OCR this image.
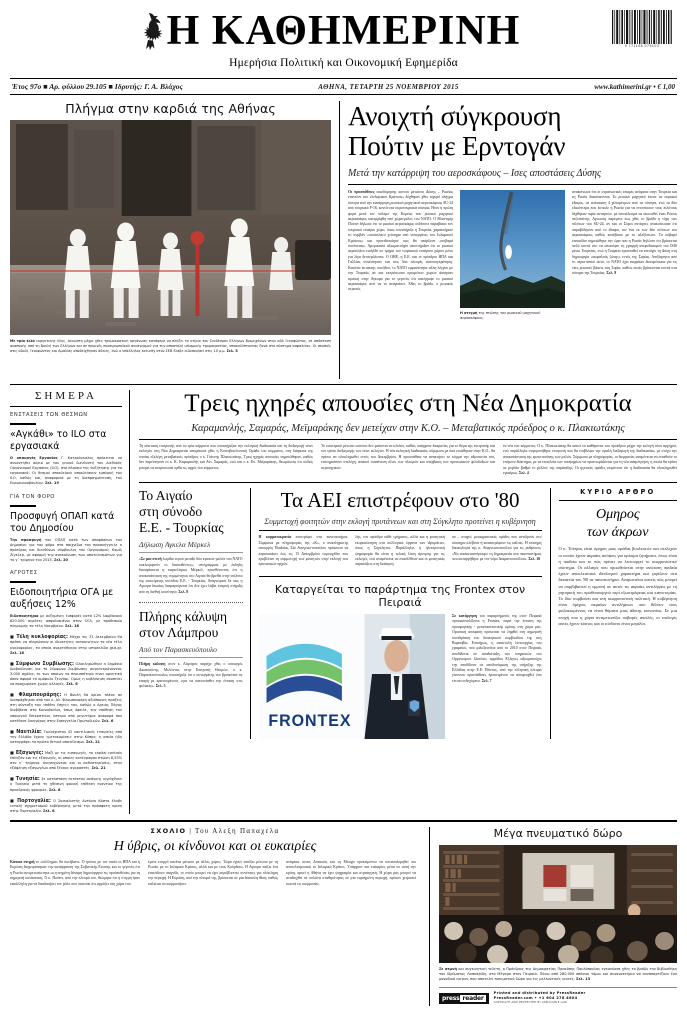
Η ΚΑΘΗΜΕΡΙΝΗ
Ημερήσια Πολιτική και Οικονομική Εφημερίδα
9 771108 979103
Έτος 97ο ■ Αρ. φύλλου 29.105 ■ Ιδρυτής: Γ. Α. Βλάχος	ΑΘΗΝΑ, ΤΕΤΑΡΤΗ 25 ΝΟΕΜΒΡΙΟΥ 2015	www.kathimerini.gr • € 1,00
Πλήγμα στην καρδιά της Αθήνας
Με τρία κιλά εκρηκτικής ύλης, άγνωστη μέχρι χθες τρομοκρατική οργάνωση κατάφερε να πλήξει το κτίριο του Συνδέσμου Ελλήνων Βιομηχάνων στην οδό Ξενοφώντος, σε απόσταση αναπνοής από τη Βουλή των Ελλήνων και σε πρωινές πανευρωπαϊκού συναγερμού για την αποστολή ισλαμικής τρομοκρατίας, αποκαλύπτοντας ξανά στο σύστημα ασφαλείας. Οι σκοπιές στις οδούς Ξενοφώντος και Αμαλίας αποδείχθηκαν άδειες, ενώ ο υπάλληλος security στον ΣΕΒ έλαβε ειδοποιήσει στις 10 μ.μ. Σελ. 5
Ανοιχτή σύγκρουση
Πούτιν με Ερντογάν
Μετά την κατάρριψη του αεροσκάφους – Ισες αποστάσεις Δύσης
Οι προσπάθειες οικοδόμησης κοινού μετώπου Δύσης – Ρωσίας εναντίον του «Ισλαμικού Κράτους» δέχθηκαν χθες ισχυρό πλήγμα ύστερα από την κατάρριψη ρωσικού μαχητικού αεροσκάφους SU-24 από τουρκικό F-16, κοντά στα συροτουρκικά σύνορα. Ηταν η πρώτη φορά μετά τον πόλεμο της Κορέας που ρωσικό μαχητικό αεροσκάφος κατερρίφθη από χώρα-μέλος του ΝΑΤΟ. Ο Βλαντιμίρ Πούτιν δήλωσε ότι το ρωσικό αεροσκάφος ουδέποτε παραβίασε τον τουρκικό εναέριο χώρο, όπως υποστήριξε η Τουρκία, χαρακτήρισε το συμβάν «πισώπλατο χτύπημα από συνεργάτες του Ισλαμικού Κράτους» και προειδοποίησε πως θα υπάρξουν «σοβαρά συνέπειας». Αμερικανοί αξιωματούχοι υποστήριξαν ότι το ρωσικό αεροπλάνο εισήλθε σε τμήμα του τουρκικού εναέριου χώρου μόνο για λίγα δευτερόλεπτα. Ο ΟΗΕ, η Ε.Ε. και οι πρόεδροι ΗΠΑ και Γαλλίας συνέστησαν και στις δύο πλευρές αυτοσυγκράτηση. Κατόπιν έκτακτης συνόδου, το ΝΑΤΟ εμφανίστηκε αλλη-λέγγυο με την Τουρκία, αν και εκπρόσωποι ορισμένων χωρών άσκησαν κριτική στην Αγκυρα για το γεγονός ότι κατέρριψε το ρωσικό αεροσκάφος αντί να το αναγκάσει. Χθες το βράδυ, ο ρωσικός στρατός
Η στιγμή της πτώσης του ρωσικού μαχητικού αεροσκάφους.
ανακοίνωσε ότι οι στρατιωτικές επαφές ανάμεσα στην Τουρκία και τη Ρωσία διακόπτονται. Το ρωσικό μαχητικό έπεσε σε συριακό έδαφος, σε απόσταση 4 χιλιομέτρων από τα σύνορα, ενώ τα δύο ελικόπτερα που έστειλε η Ρωσία για να εντοπίσουν τους πιλότους δέχθηκαν πυρά ανταρτών, με αποτέλεσμα να σκοτωθεί ένας Ρώσος πεζοναύτης. Αγνωστη παρέμενε έως χθες το βράδυ η τύχη των πιλότων του SU-24, αν και οι Σύροι αντάρτες ανακοίνωσαν ότι παραβόλησαν από το έδαφος τον ένα εκ των δύο πιλότων του αεροσκάφους καθώς κατέβαινε με το αλεξίπτωτο. Το σοβαρό επεισόδιο σημειώθηκε την ώρα που η Ρωσία δηλώνει ότι βρίσκεται πολύ κοντά στο να αποκόψει τη γραμμή ανεφοδιασμού του ISIS μέσω Τουρκίας, ενώ η Τουρκία προσπαθεί να επιτύχει τη Δύση στη δημιουργία «ασφαλούς ζώνης» εντός της Συρίας. Ανεξάρτητα από το περιστατικό αυτό, το ΝΑΤΟ έχει εκφράσει δυσαρέσκεια για τις νέες ρωσικές βάσεις στη Συρία, καθώς αυτές βρίσκονται κοντά στα σύνορα της Τουρκίας. Σελ. 9
ΣΗΜΕΡΑ
ΕΝΣΤΑΣΕΙΣ ΤΩΝ ΘΕΣΜΩΝ
«Αγκάθι» το ILO στα εργασιακά
Ο υπουργός Εργασίας Γ. Κατρούγκαλος πρόκειται να συναντηθεί αύριο με τον γενικό διευθυντή του Διεθνούς Οργανισμού Εργασίας (ILO), στο πλαίσιο της συζήτησης για τα εργασιακά. Οι θεσμοί αποκλείουν αποκλείσουν εμπλοκή του ILO, καθώς και, αναφορικά με τη διαπραγμάτευση, του Ευρωκοινοβουλίου. Σελ. 19
ΓΙΑ ΤΟΝ ΦΟΡΟ
Προσφυγή ΟΠΑΠ κατά του Δημοσίου
Την προσφυγή του ΟΠΑΠ κατά των αποφάσεων του Δημοσίου για τον φόρο στα παιχνίδια του προανήγγειλε ο πρόεδρος και διευθύνων σύμβουλος του Οργανισμού, Καμίλ Ζίγκλερ, με αφορμή την ανακοίνωση των αποτελεσμάτων για το γ΄ τρίμηνο του 2015. Σελ. 20
ΑΓΡΟΤΕΣ
Ειδοποιητήρια ΟΓΑ με αυξήσεις 12%
Ειδοποιητήρια με αυξημένες εισφορές κατά 12% λαμβάνουν 620.000 αγρότες ασφαλισμένοι στον ΟΓΑ, με προθεσμία πληρωμής τα τέλη Νοεμβρίου. Σελ. 18
■ Τέλη κυκλοφορίας: Μέχρι τις 31 Δεκεμβρίου θα πρέπει να πληρώσουν οι ιδιοκτήτες αυτοκινήτων τα νέα τέλη κυκλοφορίας, τα οποία αναρτήθηκαν στην ιστοσελίδα gsis.gr. Σελ. 18
■ Σύμφωνο Συμβίωσης: Ολοκληρώθηκε η δημόσια διαβούλευση για το Σύμφωνο Συμβίωσης συγκεντρώνοντας 3.000 σχόλια, εκ των οποίων τα περισσότερα είναι αρνητικά όσον αφορά το ομόφυλο ζευγάρι. Ομως η κυβέρνηση σκοπεύει να προχωρήσει χωρίς αλλαγές. Σελ. 6
■ Φλαμπουράρης: Η Βουλή θα κρίνει πλέον αν διαπράχθηκαν από τον κ. Αλ. Φλαμπουράρη αξιόποινες πράξεις στη σύνταξη του «πόθεν έσχες» του, καθώς ο Αρειος Πάγος διαβίβασε στο Κοινοβούλιο, όπως όφειλε, την υπόθεση του υπουργού Επικρατείας ύστερα από μηνυτήρια αναφορά που κατέθεσε δικηγόρος στην Εισαγγελία Πρωτοδικών. Σελ. 6
■ Ναυτιλία: Τουλάχιστον 42 ναυτιλιακές εταιρείες από την Ελλάδα έχουν «μετακομίσει» στην Κύπρο, η οποία ήδη καταγράφει το πρώτο θετικό αποτέλεσμα. Σελ. 21
■ Εξαγωγές: Μαζί με τις εισαγωγές, το capital controls έπληξαν και τις εξαγωγές, οι οποίες κατέγραψαν πτώση 8,55% στο γ΄ τρίμηνο. Ανησυχώντας και οι καθυστερήσεις, στην εξόφληση εξαγωγέων από ξένους αγοραστές. Σελ. 21
■ Τυνησία: Σε κατάσταση εκτάκτου ανάγκης κηρύχθηκε η Τυνησία μετά τη χθεσινή φονική επίθεση εναντίον της προεδρικής φρουράς. Σελ. 8
■ Πορτογαλία: Ο Σοσιαλιστής Αντόνιο Κόστα έλαβε εντολή σχηματισμού κυβέρνησης μετά την πρόσφατη κρίση στην Πορτογαλία. Σελ. 8
Τρεις ηχηρές απουσίες στη Νέα Δημοκρατία
Καραμανλής, Σαμαράς, Μεϊμαράκης δεν μετείχαν στην Κ.Ο. – Μεταβατικός πρόεδρος ο κ. Πλακιωτάκης
Τη σύσταση επιτροπής από τα τρία κόμματα που υποστήριξαν την εκλογική διαδικασία και τη διεξαγωγή νέων εκλογών στη Νέα Δημοκρατία αποφάσισε χθες η Κοινοβουλευτική Ομάδα του κόμματος, στη διάρκεια της οποίας εξελέγη μεταβατικός πρόεδρος ο κ. Γιάννης Πλακιωτάκης. Τρεις ηχηρές απουσίες σημειώθηκαν, καθώς δεν παρέστησαν οι κ. Κ. Καραμανλής και Αντ. Σαμαράς, ενώ και ο κ. Ευ. Μεϊμαράκης, θεωρώντας ότι ουδείς μπορεί να εκπροσωπεί ορθά τις αρχές του κόμματος.
Το εσωτερικό μέτωπο ωστόσο δεν φαίνεται να κλείνει, καθώς υπάρχουν διαφωνίες για το θέμα της επιτροπής και τον τρόπο διεξαγωγής των νέων εκλογών. Η νέα εκλογική διαδικασία, σύμφωνα με όσα ειπώθηκαν στην Κ.Ο., θα πρέπει να ολοκληρωθεί εντός του Δεκεμβρίου. Η προσπάθεια να ανακτήσει το κόμμα την αξιοπιστία του, επισημαίνουν στελέχη, απαιτεί συναίνεση όλων των πλευρών και υπέρβαση των προσωπικών φιλοδοξιών και στρατηγικών.
τα νέα του κόμματος. Ο κ. Πλακιωτάκης θα ασκεί τα καθήκοντα του προέδρου μέχρι την εκλογή νέου αρχηγού, ενώ παράλληλα συγκροτήθηκε επιτροπή που θα επιβλέψει την ομαλή διεξαγωγή της διαδικασίας, με στόχο την αποκατάσταση της εμπιστοσύνης των μελών. Σύμφωνα με πληροφορίες, οι διεργασίες αναμένεται να ενταθούν το επόμενο διάστημα, με τα επιτελεία των υποψηφίων να προετοιμάζονται για τη νέα αναμέτρηση, η οποία θα κρίνει σε μεγάλο βαθμό το μέλλον της παράταξης. Οι ηγετικές ομάδες επιμένουν ότι η διαδικασία θα ολοκληρωθεί εγκαίρως. Σελ. 4
Το Αιγαίο
στη σύνοδο
Ε.Ε. - Τουρκίας
Δήλωση Αγκελα Μέρκελ
«Σε μια στενή λωρίδα νερού μεταξύ δύο κρατών-μελών του ΝΑΤΟ κυκλοφορούν οι διασωθέντες», υπογράμμισε με έκδηλη δυσαρέσκεια η καγκελάριος Μέρκελ, προσθέτοντας ότι η αποκατάσταση της νομιμότητας στο Αιγαίο θα βρεθεί στην ατζέντα της επικείμενης συνόδου Ε.Ε. - Τουρκίας. Αναγνώρισε δε πως η Αγκυρα δικαίως διαμαρτύρεται ότι δεν έχει λάβει επαρκή στήριξη από τη διεθνή κοινότητα. Σελ. 8
Πλήρης κάλυψη
στον Λάμπρου
Από τον Παρασκευόπουλο
Πλήρη κάλυψη στον κ. Λάμπρου παρείχε χθες ο υπουργός Δικαιοσύνης. Μιλώντας στην Επιτροπή Θεσμών, ο κ. Παρασκευόπουλος υποστήριξε ότι ο συνεργάτης του βρισκόταν σε επαφή με κρατουμένους «για να κατευνάνθει την ένταση στις φυλακές». Σελ. 5
Τα ΑΕΙ επιστρέφουν στο '80
Συμμετοχή φοιτητών στην εκλογή πρυτάνεων και στη Σύγκλητο προτείνει η κυβέρνηση
Η κομματοκρατία επιστρέφει στα πανεπιστήμια. Σύμφωνα με πληροφορίες της «Κ», ο αναπληρωτής υπουργός Παιδείας Σία Αναγνωστοπούλου πρόκειται να παρουσιάσει έως τις 15 Δεκεμβρίου νομοσχέδιο που προβλέπει τη συμμετοχή των φοιτητών στην εκλογή των πρυτανικών αρχών.
λής, τον πρόεδρο κάθε τμήματος, αλλά και η φοιτητική εκπροσώπηση στα συλλογικά όργανα των ιδρυμάτων, όπως η Σύγκλητος. Παράλληλα, η ηλεκτρονική ψηφοφορία θα είναι η τελική λύση άρνησης για τις εκλογές, ενώ αναμένεται να επανέλθουν και οι φοιτητικές παρατάξεις στη διοίκηση.
πο – σταχιό, μεταφραστικές ομάδες που αντιδρούν στο σύστημα κλέβουν ή καταστρέφουν τις κάλπες. Η επίσημη δικαιολογία της κ. Αναγνωστοπούλου για τις ρυθμίσεις: «Να αποκαταστήσουμε τη δημοκρατία στα πανεπιστήμια, που καταργήθηκε με τον νόμο Διαμαντοπούλου». Σελ. 16
Καταργείται το παράρτημα της Frontex στον Πειραιά
FRONTEX
Σε κατάργηση του παραρτήματός της στον Πειραιά προσανατολίζεται η Frontex, παρά την ένταση της προσφυγικής - μεταναστευτικής κρίσης στη χώρα μας. Οριστική απόφαση πρόκειται να ληφθεί στη σημερινή συνεδρίαση του διοικητικού συμβουλίου της στη Βαρσοβία. Επισήμως, η αναστολή λειτουργίας του γραφείου, που φιλοξενείται από το 2010 στον Πειραιά, αποδίδεται σε αναδιάταξη των υπηρεσιών του Οργανισμού. Ωστόσο, αρμόδιοι Ελληνες αξιωματούχοι την αποδίδουν σε αποδυνάμωση της στήριξης της Ελλάδας στην Ε.Ε. Πάντως, από την ελληνική πλευρά γίνονται προσπάθειες προκειμένου να αποφευχθεί ένα τέτοιο ενδεχόμενο. Σελ. 7
ΚΥΡΙΟ ΑΡΘΡΟ
Ομηρος
των άκρων
Ο κ. Τσίπρας είναι όμηρος μιας ομάδας βουλευτών και στελεχών οι οποίοι έχουν ακραίες απόψεις για κρίσιμα ζητήματα, όπως είναι η παιδεία και το πώς πρέπει να λειτουργεί το σωφρονιστικό σύστημα. Οι αλλαγές που προωθούνται στην ανώτατη παιδεία έχουν αποκλειστικά ιδεολογικό χαρακτήρα και γυρίζουν στα δεκαετία του '80 τα πανεπιστήμια. Αναρωτιέται κανείς πώς μπορεί να συμβιβαστεί η εμμονή σε αυτές τις ακραίες αντιλήψεις με τη ρητορική του πρωθυπουργού περί εξωστρέφειας και καινοτομίας. Το ίδιο συμβαίνει και στη σωφρονιστική πολιτική. Η κυβέρνηση είναι όμηρος ακραίων αντιλήψεων που θέλουν τους φυλακισμένους να είναι θύματα μιας άδικης κοινωνίας. Σε μια εποχή που η χώρα αντιμετωπίζει σοβαρές απειλές, οι επιλογές αυτές έχουν κόστος και οι κίνδυνοι είναι μεγάλοι.
ΣΧΟΛΙΟ | Του Αλεξη Παπαχελα
Η ύβρις, οι κίνδυνοι και οι ευκαιρίες
Κάποια στιγμή το «σύλλημα» θα συνέβαινε. Ο τρόπος με τον οποίο οι ΗΠΑ και η Ευρώπη διαχειρίστηκαν την κατάρρευση της Σοβιετικής Ενωσης και το γεγονός ότι η Ρωσία αντιμετωπίστηκε ως ηττημένη δύναμη δημιούργησε τις προϋποθέσεις για τη σημερινή κατάσταση. Ο κ. Πούτιν, από την πλευρά του, θεώρησε ότι η στιγμή ήταν κατάλληλη για να διεκδικήσει τον ρόλο που πιστεύει ότι αρμόζει στη χώρα του.
έμενε ενεργό κανένα μέτωπο με άλλες χώρες. Τώρα έχουν ανοίξει μέτωπο με τη Ρωσία, με το Ισλαμικό Κράτος, αλλά και με τους Κούρδους. Η Αγκυρα παίζει ένα επικίνδυνο παιχνίδι, το οποίο μπορεί να έχει απρόβλεπτες συνέπειες για ολόκληρη την περιοχή. Η Ευρώπη, από την πλευρά της, βρίσκεται σε μια δύσκολη θέση, καθώς καλείται να ισορροπήσει.
ανάμεσα στους Δυτικούς και τη Μόσχα προκειμένου να καταπολεμηθεί πιο αποτελεσματικά το Ισλαμικό Κράτος. Υπάρχουν και ευκαιρίες μέσα σε αυτή την κρίση, αρκεί η Αθήνα να έχει ψυχραιμία και στρατηγική. Η χώρα μας μπορεί να αναδειχθεί σε πυλώνα σταθερότητας σε μια ταραγμένη περιοχή, εφόσον χειριστεί σωστά τις ισορροπίες.
Μέγα πνευματικό δώρο
Σε σεμνή και συγκινητική τελετή, ο Πρόεδρος της Δημοκρατίας Προκόπης Παυλόπουλος εγκαινίασε χθες το βράδυ την Βιβλιοθήκη του Ιδρύματος Λασκαρίδη, στο Μέγαρο στον Πειραιά. Πάνω από 280.000 σπάνιοι τόμοι και συνανακτήριο να συναπαρτίζουν ένα μοναδικό corpus, που αποτελεί πνευματικό δώρο για τις μελλοντικές γενεές. Σελ. 13
press reader
Printed and distributed by PressReader
PressReader.com • +1 604 278 4604
COPYRIGHT AND PROTECTED BY APPLICABLE LAW
